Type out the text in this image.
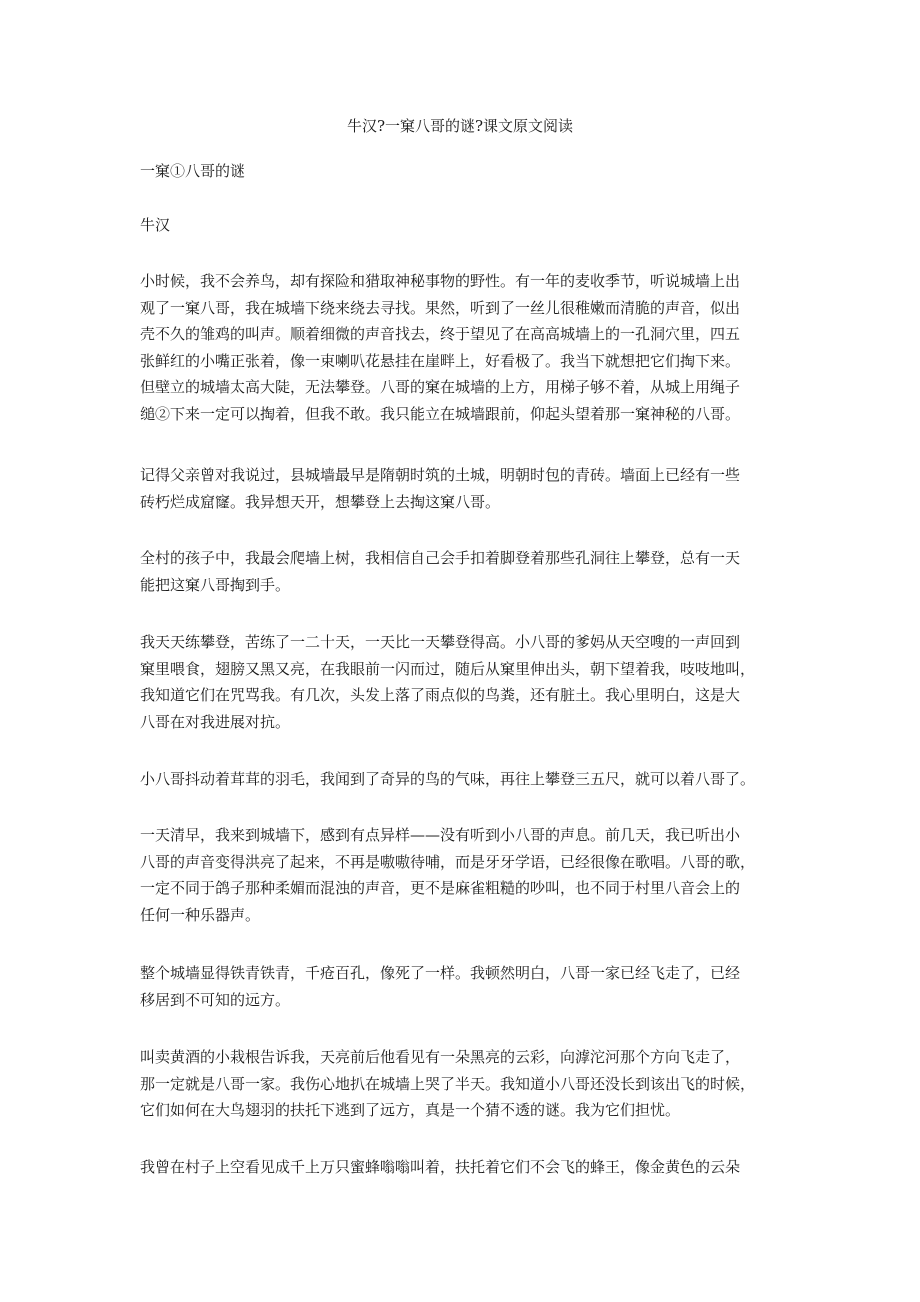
牛汉?一窠八哥的谜?课文原文阅读

一窠①八哥的谜

牛汉

小时候，我不会养鸟，却有探险和猎取神秘事物的野性。有一年的麦收季节，听说城墙上出
观了一窠八哥，我在城墙下绕来绕去寻找。果然，听到了一丝儿很稚嫩而清脆的声音，似出
壳不久的雏鸡的叫声。顺着细微的声音找去，终于望见了在高高城墙上的一孔洞穴里，四五
张鲜红的小嘴正张着，像一束喇叭花悬挂在崖畔上，好看极了。我当下就想把它们掏下来。
但壁立的城墙太高大陡，无法攀登。八哥的窠在城墙的上方，用梯子够不着，从城上用绳子
缒②下来一定可以掏着，但我不敢。我只能立在城墙跟前，仰起头望着那一窠神秘的八哥。

记得父亲曾对我说过，县城墙最早是隋朝时筑的土城，明朝时包的青砖。墙面上已经有一些
砖朽烂成窟窿。我异想天开，想攀登上去掏这窠八哥。

全村的孩子中，我最会爬墙上树，我相信自己会手扣着脚登着那些孔洞往上攀登，总有一天
能把这窠八哥掏到手。

我天天练攀登，苦练了一二十天，一天比一天攀登得高。小八哥的爹妈从天空嗖的一声回到
窠里喂食，翅膀又黑又亮，在我眼前一闪而过，随后从窠里伸出头，朝下望着我，吱吱地叫，
我知道它们在咒骂我。有几次，头发上落了雨点似的鸟粪，还有脏土。我心里明白，这是大
八哥在对我进展对抗。

小八哥抖动着茸茸的羽毛，我闻到了奇异的鸟的气味，再往上攀登三五尺，就可以着八哥了。

一天清早，我来到城墙下，感到有点异样——没有听到小八哥的声息。前几天，我已听出小
八哥的声音变得洪亮了起来，不再是嗷嗷待哺，而是牙牙学语，已经很像在歌唱。八哥的歌，
一定不同于鸽子那种柔媚而混浊的声音，更不是麻雀粗糙的吵叫，也不同于村里八音会上的
任何一种乐器声。

整个城墙显得铁青铁青，千疮百孔，像死了一样。我顿然明白，八哥一家已经飞走了，已经
移居到不可知的远方。

叫卖黄酒的小栽根告诉我，天亮前后他看见有一朵黑亮的云彩，向滹沱河那个方向飞走了，
那一定就是八哥一家。我伤心地扒在城墙上哭了半天。我知道小八哥还没长到该出飞的时候，
它们如何在大鸟翅羽的扶托下逃到了远方，真是一个猜不透的谜。我为它们担忧。

我曾在村子上空看见成千上万只蜜蜂嗡嗡叫着，扶托着它们不会飞的蜂王，像金黄色的云朵
